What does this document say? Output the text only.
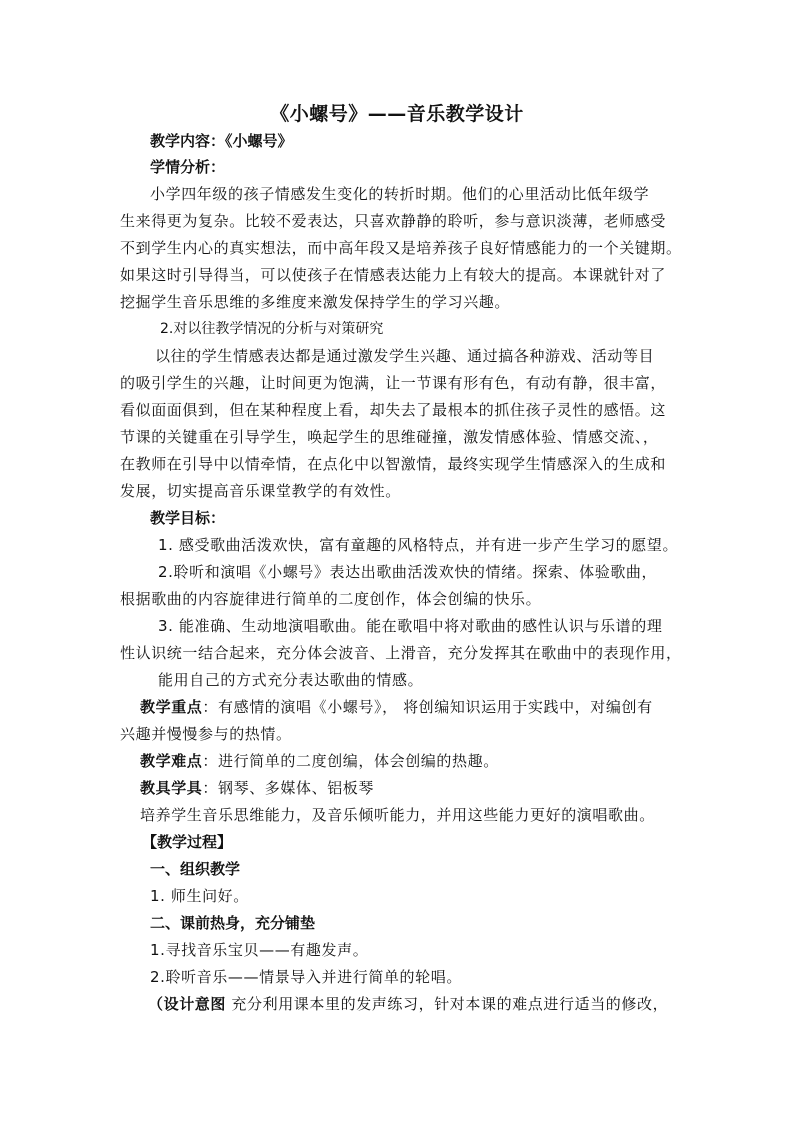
《小螺号》——音乐教学设计
教学内容：《小螺号》
学情分析：
小学四年级的孩子情感发生变化的转折时期。他们的心里活动比低年级学
生来得更为复杂。比较不爱表达，只喜欢静静的聆听，参与意识淡薄，老师感受
不到学生内心的真实想法，而中高年段又是培养孩子良好情感能力的一个关键期。
如果这时引导得当，可以使孩子在情感表达能力上有较大的提高。本课就针对了
挖掘学生音乐思维的多维度来激发保持学生的学习兴趣。
2.对以往教学情况的分析与对策研究
以往的学生情感表达都是通过激发学生兴趣、通过搞各种游戏、活动等目
的吸引学生的兴趣，让时间更为饱满，让一节课有形有色，有动有静，很丰富，
看似面面俱到，但在某种程度上看，却失去了最根本的抓住孩子灵性的感悟。这
节课的关键重在引导学生，唤起学生的思维碰撞，激发情感体验、情感交流、，
在教师在引导中以情牵情，在点化中以智激情，最终实现学生情感深入的生成和
发展，切实提高音乐课堂教学的有效性。
教学目标：
1. 感受歌曲活泼欢快，富有童趣的风格特点，并有进一步产生学习的愿望。
2.聆听和演唱《小螺号》表达出歌曲活泼欢快的情绪。探索、体验歌曲，
根据歌曲的内容旋律进行简单的二度创作，体会创编的快乐。
3. 能准确、生动地演唱歌曲。能在歌唱中将对歌曲的感性认识与乐谱的理
性认识统一结合起来，充分体会波音、上滑音，充分发挥其在歌曲中的表现作用，
能用自己的方式充分表达歌曲的情感。
教学重点：有感情的演唱《小螺号》， 将创编知识运用于实践中，对编创有
兴趣并慢慢参与的热情。
教学难点：进行简单的二度创编，体会创编的热趣。
教具学具：钢琴、多媒体、铝板琴
培养学生音乐思维能力，及音乐倾听能力，并用这些能力更好的演唱歌曲。
【教学过程】
一、组织教学
1. 师生问好。
二、课前热身，充分铺垫
1.寻找音乐宝贝——有趣发声。
2.聆听音乐——情景导入并进行简单的轮唱。
（设计意图 充分利用课本里的发声练习，针对本课的难点进行适当的修改，
